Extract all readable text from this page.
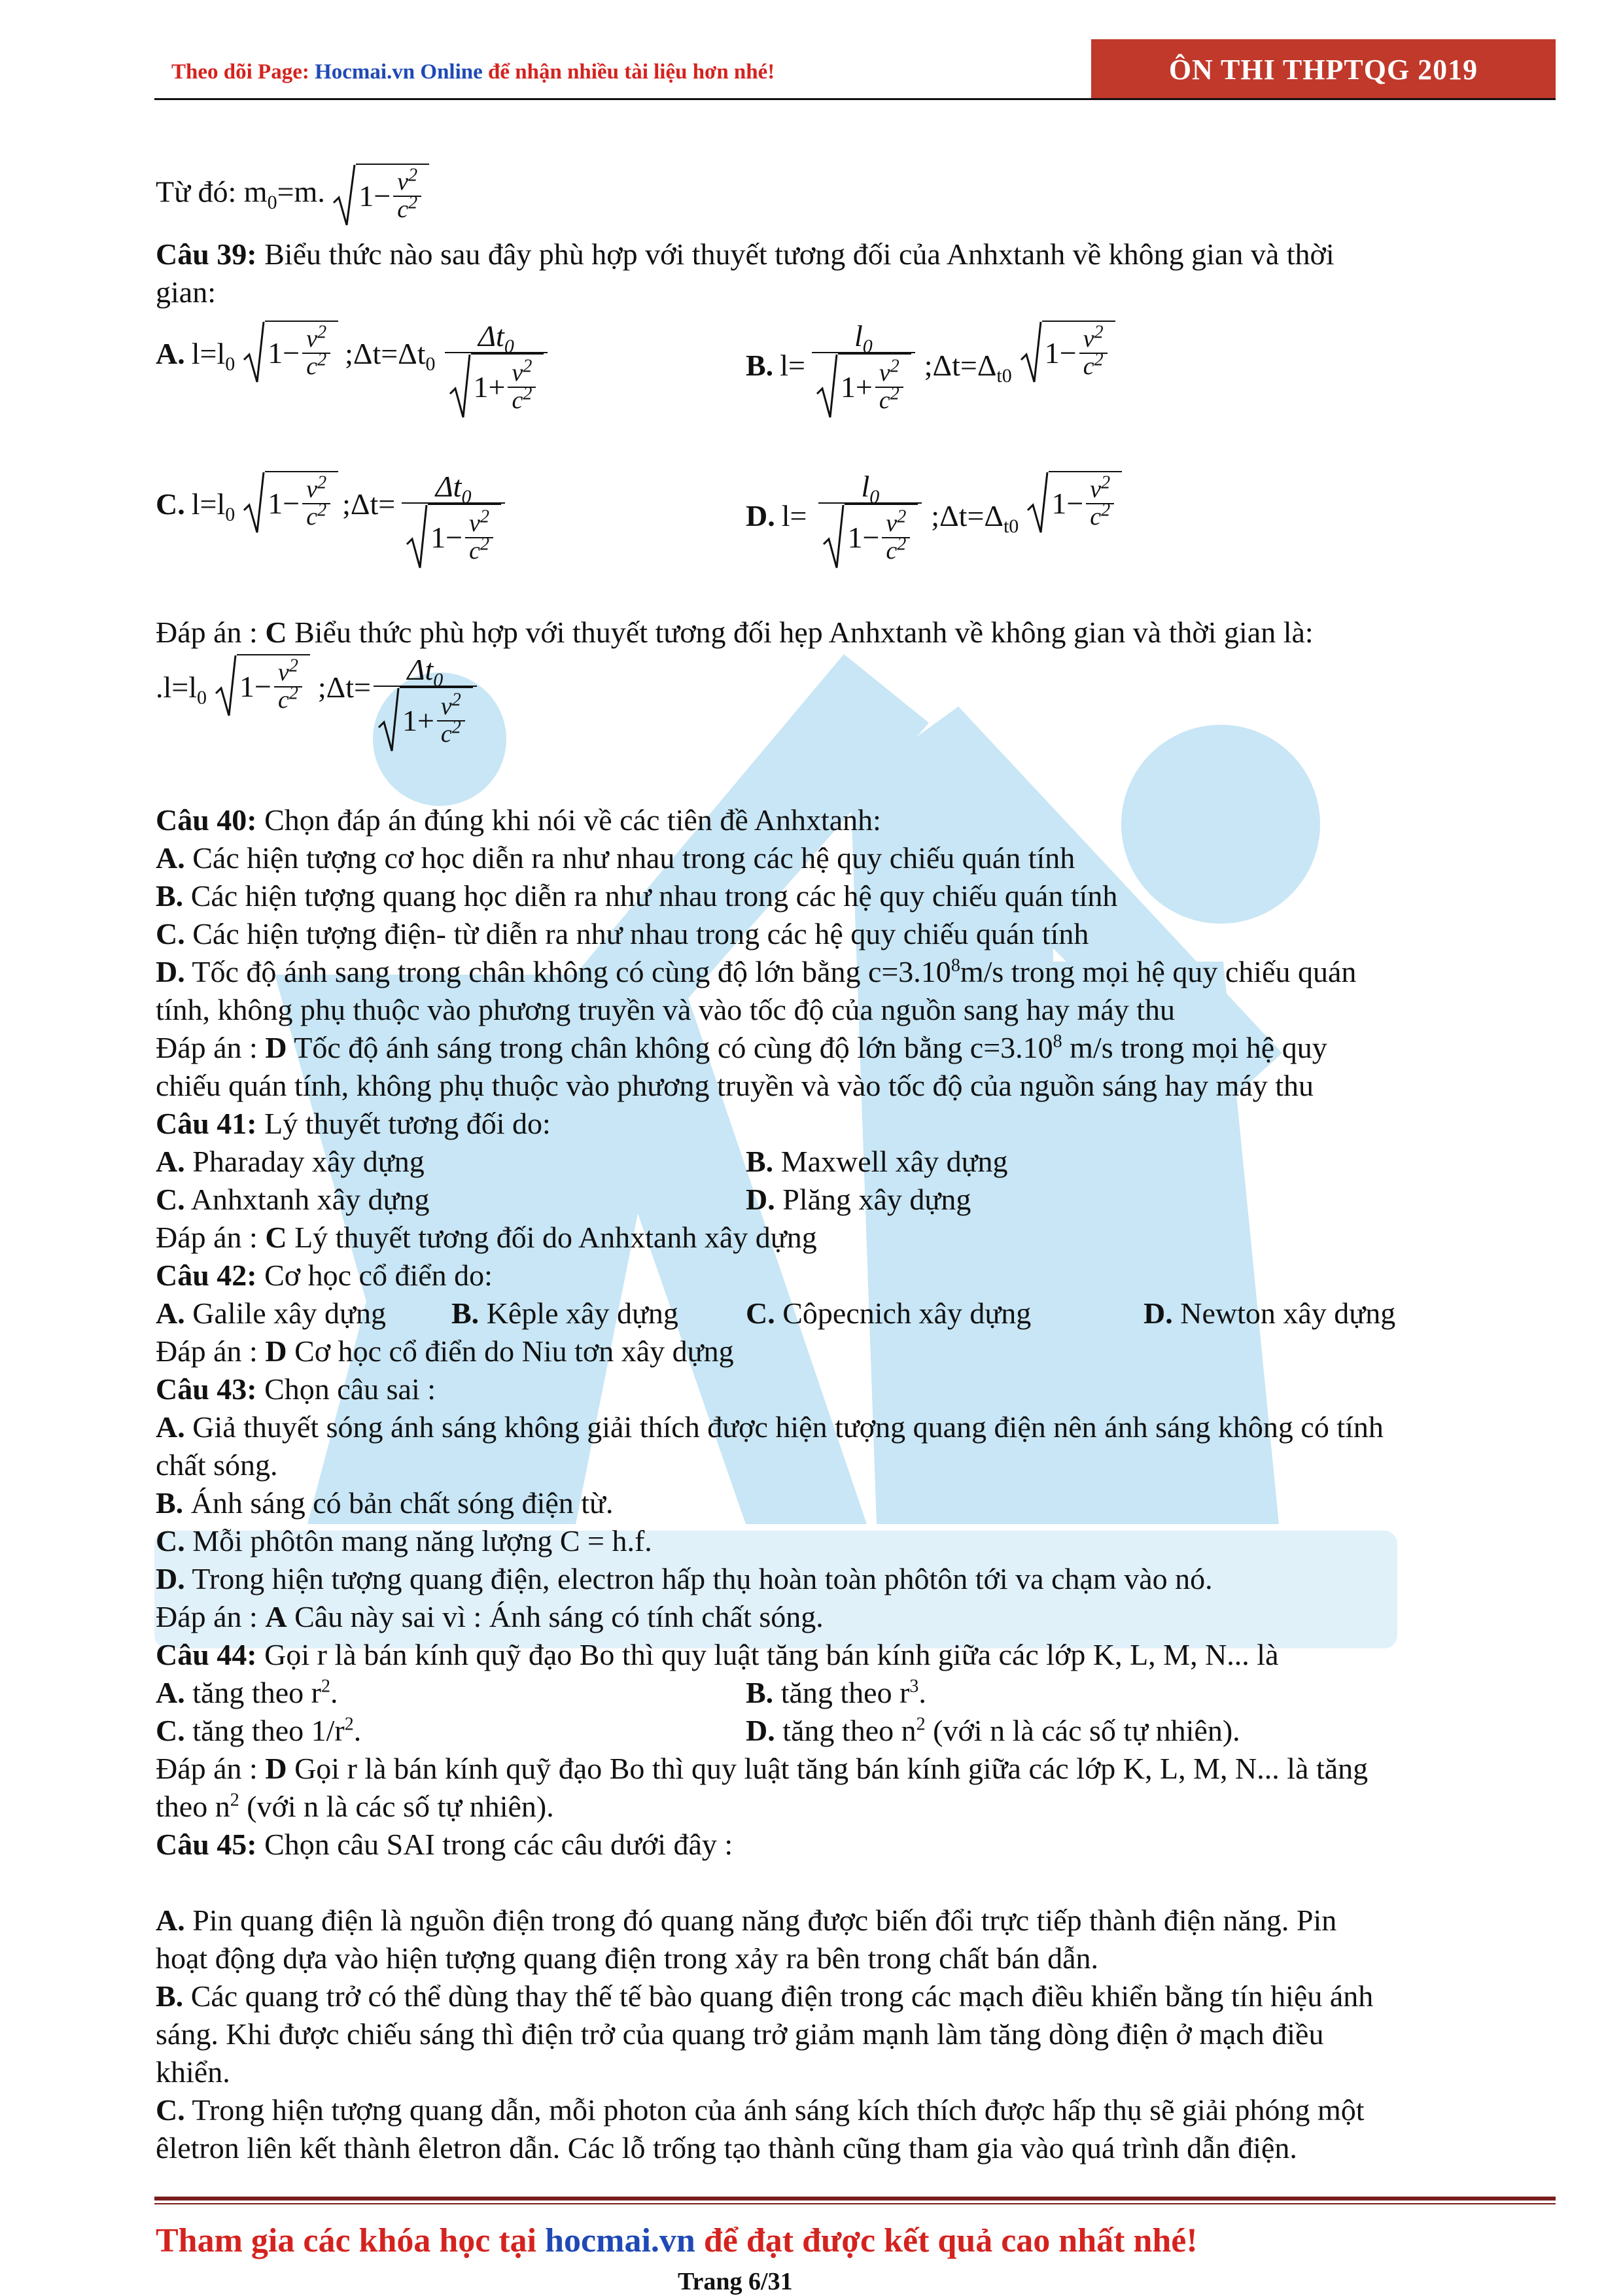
Theo dõi Page: Hocmai.vn Online để nhận nhiều tài liệu hơn nhé!	ÔN THI THPTQG 2019
Từ đó: $m_0=m$. $1 - \frac{v^2}{c^2}$
Câu 39: Biểu thức nào sau đây phù hợp với thuyết tương đối của Anhxtanh về không gian và thời
gian:
A. $l=l_0$ $1 - \frac{v^2}{c^2}$ $;\Delta t=\Delta t_0 \frac{\Delta t_0}{1 + \frac{v^2}{c^2}}$	B. $l= \frac{l_0}{1 + \frac{v^2}{c^2}}$ $;\Delta t=\Delta_{t0}$
$1 - \frac{v^2}{c^2}$
C. $l=l_0$ $1 - \frac{v^2}{c^2}$ ;Δt= $\frac{\Delta t_0}{1 - \frac{v^2}{c^2}}$	D. $l= \frac{l_0}{1 - \frac{v^2}{c^2}}$ $;\Delta t=\Delta_{t0}$
$1 - \frac{v^2}{c^2}$
Đáp án : C Biểu thức phù hợp với thuyết tương đối hẹp Anhxtanh về không gian và thời gian là:
$.l=l_0$ $1 - \frac{v^2}{c^2}$ ;Δt= $\frac{\Delta t_0}{1 + \frac{v^2}{c^2}}$
Câu 40: Chọn đáp án đúng khi nói về các tiên đề Anhxtanh:
A. Các hiện tượng cơ học diễn ra như nhau trong các hệ quy chiếu quán tính
B. Các hiện tượng quang học diễn ra như nhau trong các hệ quy chiếu quán tính
C. Các hiện tượng điện- từ diễn ra như nhau trong các hệ quy chiếu quán tính
D. Tốc độ ánh sang trong chân không có cùng độ lớn bằng $c=3.10^8m/s$ trong mọi hệ quy chiếu quán
tính, không phụ thuộc vào phương truyền và vào tốc độ của nguồn sang hay máy thu
Đáp án : D Tốc độ ánh sáng trong chân không có cùng độ lớn bằng $c=3.10^8$ m/s trong mọi hệ quy
chiếu quán tính, không phụ thuộc vào phương truyền và vào tốc độ của nguồn sáng hay máy thu
Câu 41: Lý thuyết tương đối do:
A. Pharaday xây dựng	B. Maxwell xây dựng
C. Anhxtanh xây dựng	D. Plăng xây dựng
Đáp án : C Lý thuyết tương đối do Anhxtanh xây dựng
Câu 42: Cơ học cổ điển do:
A. Galile xây dựng B. Kêple xây dựng C. Côpecnich xây dựng	D. Newton xây dựng
Đáp án : D Cơ học cổ điển do Niu tơn xây dựng
Câu 43: Chọn câu sai :
A. Giả thuyết sóng ánh sáng không giải thích được hiện tượng quang điện nên ánh sáng không có tính
chất sóng.
B. Ánh sáng có bản chất sóng điện từ.
C. Mỗi phôtôn mang năng lượng C = h.f.
D. Trong hiện tượng quang điện, electron hấp thụ hoàn toàn phôtôn tới va chạm vào nó.
Đáp án : A Câu này sai vì : Ánh sáng có tính chất sóng.
Câu 44: Gọi r là bán kính quỹ đạo Bo thì quy luật tăng bán kính giữa các lớp K, L, M, N... là
A. tăng theo $r^2$.	B. tăng theo $r^3$.
C. tăng theo $1/r^2$.	D. tăng theo $n^2$ (với n là các số tự nhiên).
Đáp án : D Gọi r là bán kính quỹ đạo Bo thì quy luật tăng bán kính giữa các lớp K, L, M, N... là tăng
theo $n^2$ (với n là các số tự nhiên).
Câu 45: Chọn câu SAI trong các câu dưới đây :
A. Pin quang điện là nguồn điện trong đó quang năng được biến đổi trực tiếp thành điện năng. Pin
hoạt động dựa vào hiện tượng quang điện trong xảy ra bên trong chất bán dẫn.
B. Các quang trở có thể dùng thay thế tế bào quang điện trong các mạch điều khiển bằng tín hiệu ánh
sáng. Khi được chiếu sáng thì điện trở của quang trở giảm mạnh làm tăng dòng điện ở mạch điều
khiển.
C. Trong hiện tượng quang dẫn, mỗi photon của ánh sáng kích thích được hấp thụ sẽ giải phóng một
êletron liên kết thành êletron dẫn. Các lỗ trống tạo thành cũng tham gia vào quá trình dẫn điện.
Tham gia các khóa học tại hocmai.vn để đạt được kết quả cao nhất nhé!
Trang 6/31
